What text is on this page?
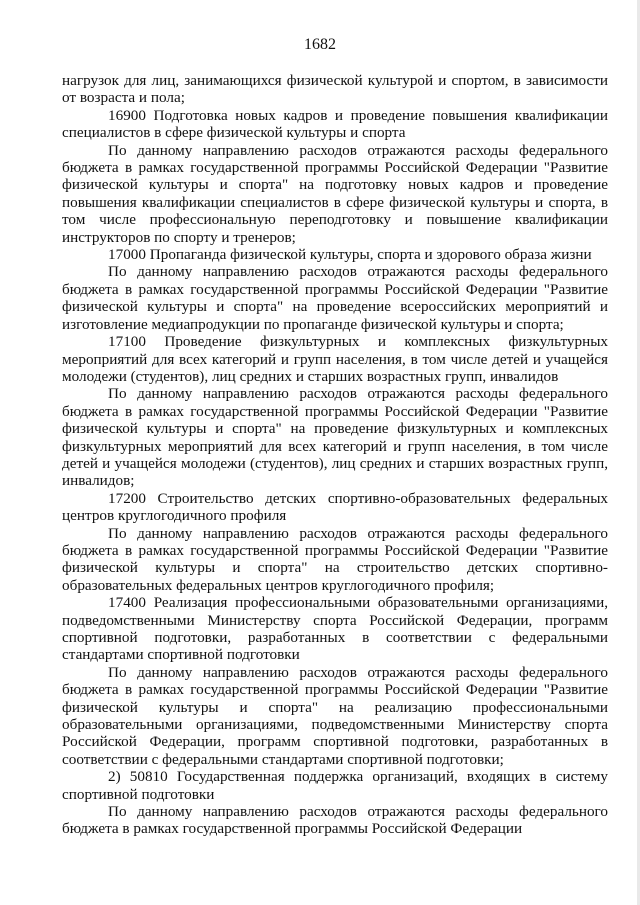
1682

нагрузок для лиц, занимающихся физической культурой и спортом, в зависимости от возраста и пола;

16900 Подготовка новых кадров и проведение повышения квалификации специалистов в сфере физической культуры и спорта

По данному направлению расходов отражаются расходы федерального бюджета в рамках государственной программы Российской Федерации "Развитие физической культуры и спорта" на подготовку новых кадров и проведение повышения квалификации специалистов в сфере физической культуры и спорта, в том числе профессиональную переподготовку и повышение квалификации инструкторов по спорту и тренеров;

17000 Пропаганда физической культуры, спорта и здорового образа жизни

По данному направлению расходов отражаются расходы федерального бюджета в рамках государственной программы Российской Федерации "Развитие физической культуры и спорта" на проведение всероссийских мероприятий и изготовление медиапродукции по пропаганде физической культуры и спорта;

17100 Проведение физкультурных и комплексных физкультурных мероприятий для всех категорий и групп населения, в том числе детей и учащейся молодежи (студентов), лиц средних и старших возрастных групп, инвалидов

По данному направлению расходов отражаются расходы федерального бюджета в рамках государственной программы Российской Федерации "Развитие физической культуры и спорта" на проведение физкультурных и комплексных физкультурных мероприятий для всех категорий и групп населения, в том числе детей и учащейся молодежи (студентов), лиц средних и старших возрастных групп, инвалидов;

17200 Строительство детских спортивно-образовательных федеральных центров круглогодичного профиля

По данному направлению расходов отражаются расходы федерального бюджета в рамках государственной программы Российской Федерации "Развитие физической культуры и спорта" на строительство детских спортивно-образовательных федеральных центров круглогодичного профиля;

17400 Реализация профессиональными образовательными организациями, подведомственными Министерству спорта Российской Федерации, программ спортивной подготовки, разработанных в соответствии с федеральными стандартами спортивной подготовки

По данному направлению расходов отражаются расходы федерального бюджета в рамках государственной программы Российской Федерации "Развитие физической культуры и спорта" на реализацию профессиональными образовательными организациями, подведомственными Министерству спорта Российской Федерации, программ спортивной подготовки, разработанных в соответствии с федеральными стандартами спортивной подготовки;

2) 50810 Государственная поддержка организаций, входящих в систему спортивной подготовки

По данному направлению расходов отражаются расходы федерального бюджета в рамках государственной программы Российской Федерации
